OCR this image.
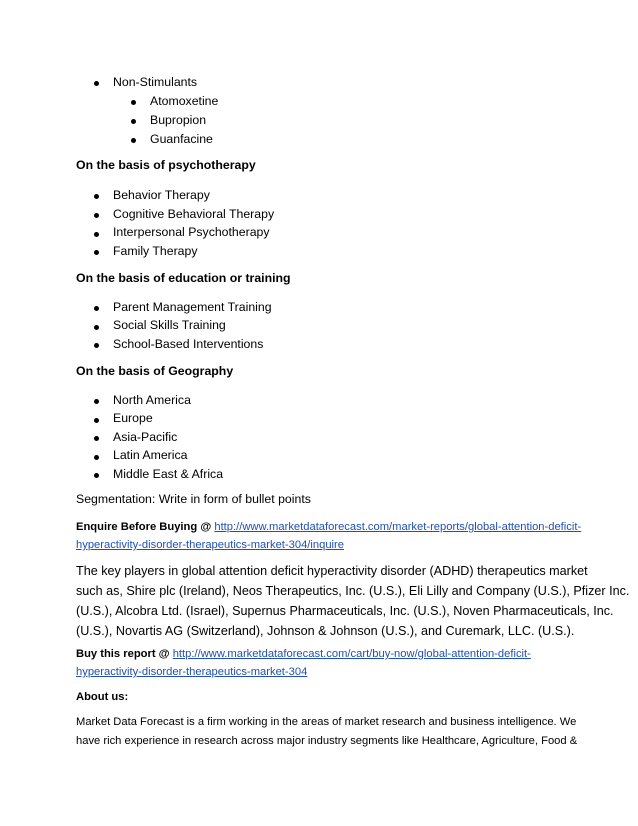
Non-Stimulants
Atomoxetine
Bupropion
Guanfacine
On the basis of psychotherapy
Behavior Therapy
Cognitive Behavioral Therapy
Interpersonal Psychotherapy
Family Therapy
On the basis of education or training
Parent Management Training
Social Skills Training
School-Based Interventions
On the basis of Geography
North America
Europe
Asia-Pacific
Latin America
Middle East & Africa
Segmentation: Write in form of bullet points
Enquire Before Buying @ http://www.marketdataforecast.com/market-reports/global-attention-deficit-
hyperactivity-disorder-therapeutics-market-304/inquire
The key players in global attention deficit hyperactivity disorder (ADHD) therapeutics market
such as, Shire plc (Ireland), Neos Therapeutics, Inc. (U.S.), Eli Lilly and Company (U.S.), Pfizer Inc.
(U.S.), Alcobra Ltd. (Israel), Supernus Pharmaceuticals, Inc. (U.S.), Noven Pharmaceuticals, Inc.
(U.S.), Novartis AG (Switzerland), Johnson & Johnson (U.S.), and Curemark, LLC. (U.S.).
Buy this report @ http://www.marketdataforecast.com/cart/buy-now/global-attention-deficit-
hyperactivity-disorder-therapeutics-market-304
About us:
Market Data Forecast is a firm working in the areas of market research and business intelligence. We
have rich experience in research across major industry segments like Healthcare, Agriculture, Food &
